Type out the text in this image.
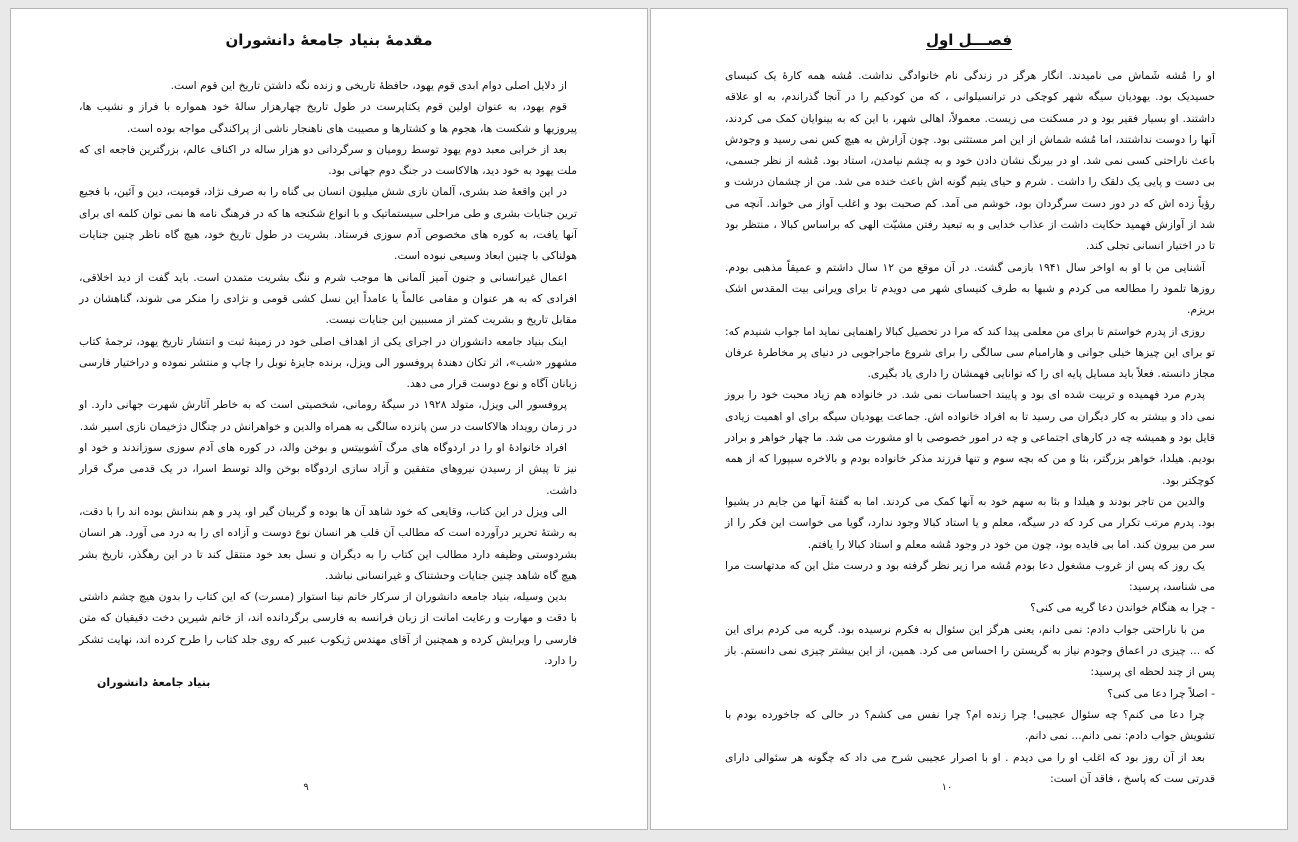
مقدمهٔ بنیاد جامعهٔ دانشوران

از دلایل اصلی دوام ابدی قوم یهود، حافظهٔ تاریخی و زنده نگه داشتن تاریخ این قوم است.

قوم یهود، به عنوان اولین قوم یکتاپرست در طول تاریخ چهارهزار سالهٔ خود همواره با فراز و نشیب ها، پیروزیها و شکست ها، هجوم ها و کشتارها و مصیبت های ناهنجار ناشی از پراکندگی مواجه بوده است.

بعد از خرابی معبد دوم یهود توسط رومیان و سرگردانی دو هزار ساله در اکناف عالم، بزرگترین فاجعه ای که ملت یهود به خود دید، هالاکاست در جنگ دوم جهانی بود.

در این واقعهٔ ضد بشری، آلمان نازی شش میلیون انسان بی گناه را به صرف نژاد، قومیت، دین و آئین، با فجیع ترین جنایات بشری و طی مراحلی سیستماتیک و با انواع شکنجه ها که در فرهنگ نامه ها نمی توان کلمه ای برای آنها یافت، به کوره های مخصوص آدم سوزی فرستاد. بشریت در طول تاریخ خود، هیچ گاه ناظر چنین جنایات هولناکی با چنین ابعاد وسیعی نبوده است.

اعمال غیرانسانی و جنون آمیز آلمانی ها موجب شرم و ننگ بشریت متمدن است. باید گفت از دید اخلاقی، افرادی که به هر عنوان و مقامی عالماً یا عامداً این نسل کشی قومی و نژادی را منکر می شوند، گناهشان در مقابل تاریخ و بشریت کمتر از مسببین این جنایات نیست.

اینک بنیاد جامعه دانشوران در اجرای یکی از اهداف اصلی خود در زمینهٔ ثبت و انتشار تاریخ یهود، ترجمهٔ کتاب مشهور «شب»، اثر تکان دهندهٔ پروفسور الی ویزل، برنده جایزهٔ نوبل را چاپ و منتشر نموده و دراختیار فارسی زبانان آگاه و نوع دوست قرار می دهد.

پروفسور الی ویزل، متولد ۱۹۲۸ در سیگهٔ رومانی، شخصیتی است که به خاطر آثارش شهرت جهانی دارد. او در زمان رویداد هالاکاست در سن پانزده سالگی به همراه والدین و خواهرانش در چنگال دژخیمان نازی اسیر شد.

افراد خانوادهٔ او را در اردوگاه های مرگ آشوبیتس و بوخن والد، در کوره های آدم سوزی سوزاندند و خود او نیز تا پیش از رسیدن نیروهای متفقین و آزاد سازی اردوگاه بوخن والد توسط اسرا، در یک قدمی مرگ قرار داشت.

الی ویزل در این کتاب، وقایعی که خود شاهد آن ها بوده و گریبان گیر او، پدر و هم بندانش بوده اند را با دقت، به رشتهٔ تحریر درآورده است که مطالب آن قلب هر انسان نوع دوست و آزاده ای را به درد می آورد. هر انسان بشردوستی وظیفه دارد مطالب این کتاب را به دیگران و نسل بعد خود منتقل کند تا در این رهگذر، تاریخ بشر هیچ گاه شاهد چنین جنایات وحشتناک و غیرانسانی نباشد.

بدین وسیله، بنیاد جامعه دانشوران از سرکار خانم نینا استوار (مسرت) که این کتاب را بدون هیچ چشم داشتی با دقت و مهارت و رعایت امانت از زبان فرانسه به فارسی برگردانده اند، از خانم شیرین دخت دقیقیان که متن فارسی را ویرایش کرده و همچنین از آقای مهندس ژیکوب عبیر که روی جلد کتاب را طرح کرده اند، نهایت تشکر را دارد.

بنیاد جامعهٔ دانشوران

۹
فصـــل اول

او را مُشه شَماش می نامیدند. انگار هرگز در زندگی نام خانوادگی نداشت. مُشه همه کارهٔ یک کنیسای حسیدیک بود. یهودیان سیگه شهر کوچکی در ترانسیلوانی ، که من کودکیم را در آنجا گذراندم، به او علاقه داشتند. او بسیار فقیر بود و در مسکنت می زیست. معمولاً، اهالی شهر، با این که به بینوایان کمک می کردند، آنها را دوست نداشتند، اما مُشه شماش از این امر مستثنی بود. چون آزارش به هیچ کس نمی رسید و وجودش باعث ناراحتی کسی نمی شد. او در بیرنگ نشان دادن خود و به چشم نیامدن، استاد بود. مُشه از نظر جسمی، بی دست و پایی یک دلقک را داشت . شرم و حیای یتیم گونه اش باعث خنده می شد. من از چشمان درشت و رؤیاً زده اش که در دور دست سرگردان بود، خوشم می آمد. کم صحبت بود و اغلب آواز می خواند. آنچه می شد از آوازش فهمید حکایت داشت از عذاب خدایی و به تبعید رفتن مشیّت الهی که براساس کبالا ، منتظر بود تا در اختیار انسانی تجلی کند.

آشنایی من با او به اواخر سال ۱۹۴۱ بازمی گشت. در آن موقع من ۱۲ سال داشتم و عمیقاً مذهبی بودم. روزها تلمود را مطالعه می کردم و شبها به طرف کنیسای شهر می دویدم تا برای ویرانی بیت المقدس اشک بریزم.

روزی از پدرم خواستم تا برای من معلمی پیدا کند که مرا در تحصیل کبالا راهنمایی نماید اما جواب شنیدم که: تو برای این چیزها خیلی جوانی و هارامبام سی سالگی را برای شروع ماجراجویی در دنیای پر مخاطرهٔ عرفان مجاز دانسته. فعلاً باید مسایل پایه ای را که توانایی فهمشان را داری یاد بگیری.

پدرم مرد فهمیده و تربیت شده ای بود و پایبند احساسات نمی شد. در خانواده هم زیاد محبت خود را بروز نمی داد و بیشتر به کار دیگران می رسید تا به افراد خانواده اش. جماعت یهودیان سیگه برای او اهمیت زیادی قایل بود و همیشه چه در کارهای اجتماعی و چه در امور خصوصی با او مشورت می شد. ما چهار خواهر و برادر بودیم. هیلدا، خواهر بزرگتر، بئا و من که بچه سوم و تنها فرزند مذکر خانواده بودم و بالاخره سیپورا که از همه کوچکتر بود.

والدین من تاجر بودند و هیلدا و بئا به سهم خود به آنها کمک می کردند. اما به گفتهٔ آنها من جایم در یشیوا بود. پدرم مرتب تکرار می کرد که در سیگه، معلم و یا استاد کبالا وجود ندارد، گویا می خواست این فکر را از سر من بیرون کند. اما بی فایده بود، چون من خود در وجود مُشه معلم و استاد کبالا را یافتم.

یک روز که پس از غروب مشغول دعا بودم مُشه مرا زیر نظر گرفته بود و درست مثل این که مدتهاست مرا می شناسد، پرسید:

- چرا به هنگام خواندن دعا گریه می کنی؟

من با ناراحتی جواب دادم: نمی دانم، یعنی هرگز این سئوال به فکرم نرسیده بود. گریه می کردم برای این که ... چیزی در اعماق وجودم نیاز به گریستن را احساس می کرد. همین، از این بیشتر چیزی نمی دانستم. باز پس از چند لحظه ای پرسید:

- اصلاً چرا دعا می کنی؟

چرا دعا می کنم؟ چه سئوال عجیبی! چرا زنده ام؟ چرا نفس می کشم؟ در حالی که جاخورده بودم با تشویش جواب دادم: نمی دانم... نمی دانم.

بعد از آن روز بود که اغلب او را می دیدم . او با اصرار عجیبی شرح می داد که چگونه هر سئوالی دارای قدرتی ست که پاسخ ، فاقد آن است:

۱۰
